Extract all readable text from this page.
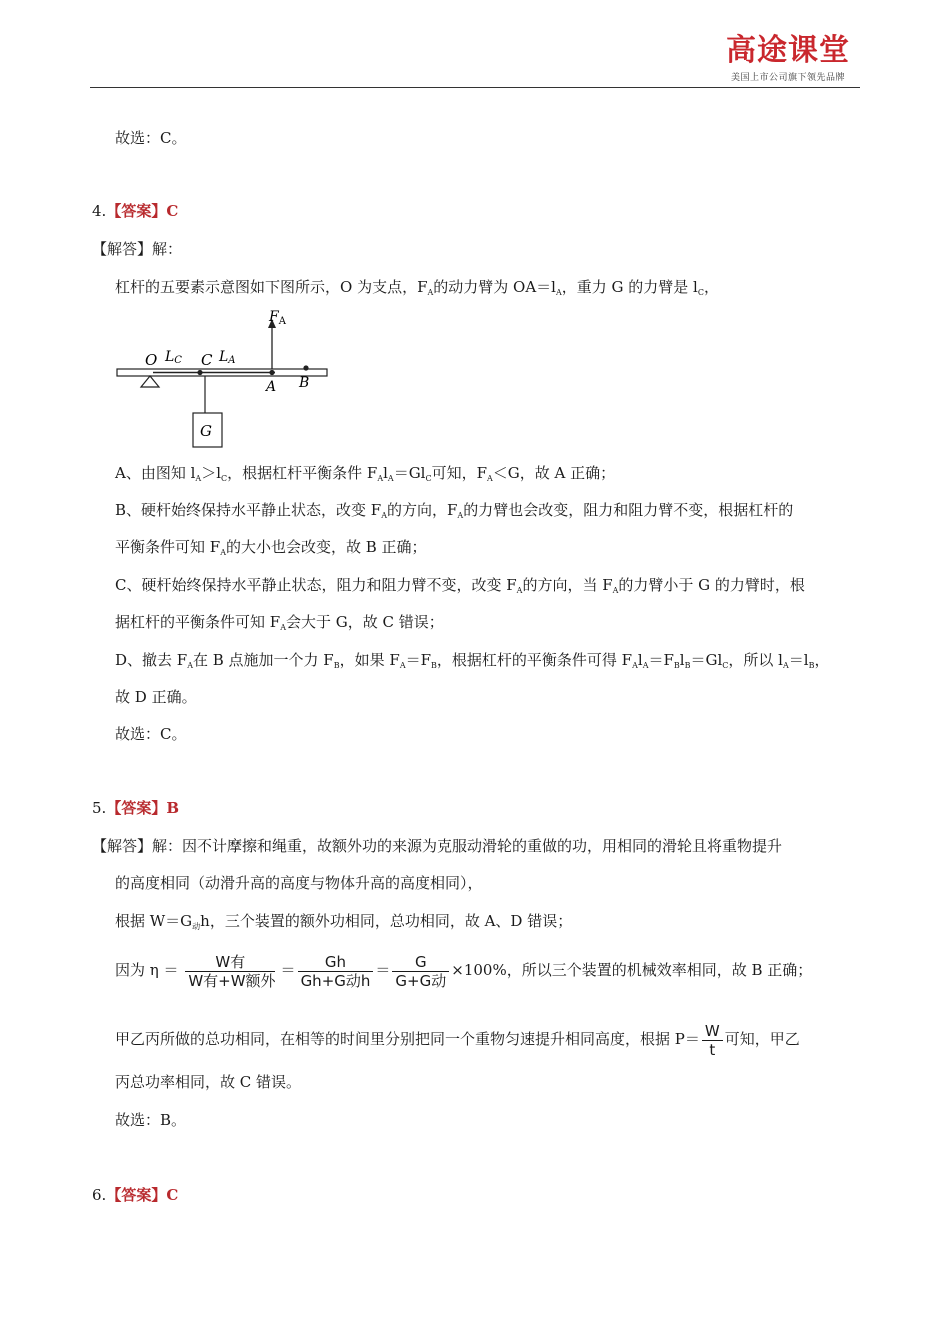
高途课堂
美国上市公司旗下领先品牌
故选：C。
4.【答案】C
【解答】解：
杠杆的五要素示意图如下图所示，O 为支点，$F_A$的动力臂为 $OA=l_A$，重力 G 的力臂是 $l_C$，
O LC C LA
A B
$F_A$
G
A、由图知 $l_A>l_C$，根据杠杆平衡条件 $F_Al_A=Gl_C$可知，$F_A<G$，故 A 正确；
B、硬杆始终保持水平静止状态，改变 $F_A$的方向，$F_A$的力臂也会改变，阻力和阻力臂不变，根据杠杆的
平衡条件可知 $F_A$的大小也会改变，故 B 正确；
C、硬杆始终保持水平静止状态，阻力和阻力臂不变，改变 $F_A$的方向，当 $F_A$的力臂小于 G 的力臂时，根
据杠杆的平衡条件可知 $F_A$会大于 G，故 C 错误；
D、撤去 $F_A$在 B 点施加一个力 $F_B$，如果 $F_A=F_B$，根据杠杆的平衡条件可得 $F_Al_A=F_Bl_B=Gl_C$，所以 $l_A=l_B$，
故 D 正确。
故选：C。
5.【答案】B
【解答】解：因不计摩擦和绳重，故额外功的来源为克服动滑轮的重做的功，用相同的滑轮且将重物提升
的高度相同（动滑升高的高度与物体升高的高度相同），
根据 $W=G_动h$，三个装置的额外功相同，总功相同，故 A、D 错误；
因为 $\eta = \frac{\text{W有}}{\text{W有+W额外}} = \frac{Gh}{\text{Gh+G动h}} = \frac{G}{\text{G+G动}} \times 100\%$，所以三个装置的机械效率相同，故 B 正确；
甲乙丙所做的总功相同，在相等的时间里分别把同一个重物匀速提升相同高度，根据 $P= \frac{W}{t}$ 可知，甲乙
丙总功率相同，故 C 错误。
故选：B。
6.【答案】C
